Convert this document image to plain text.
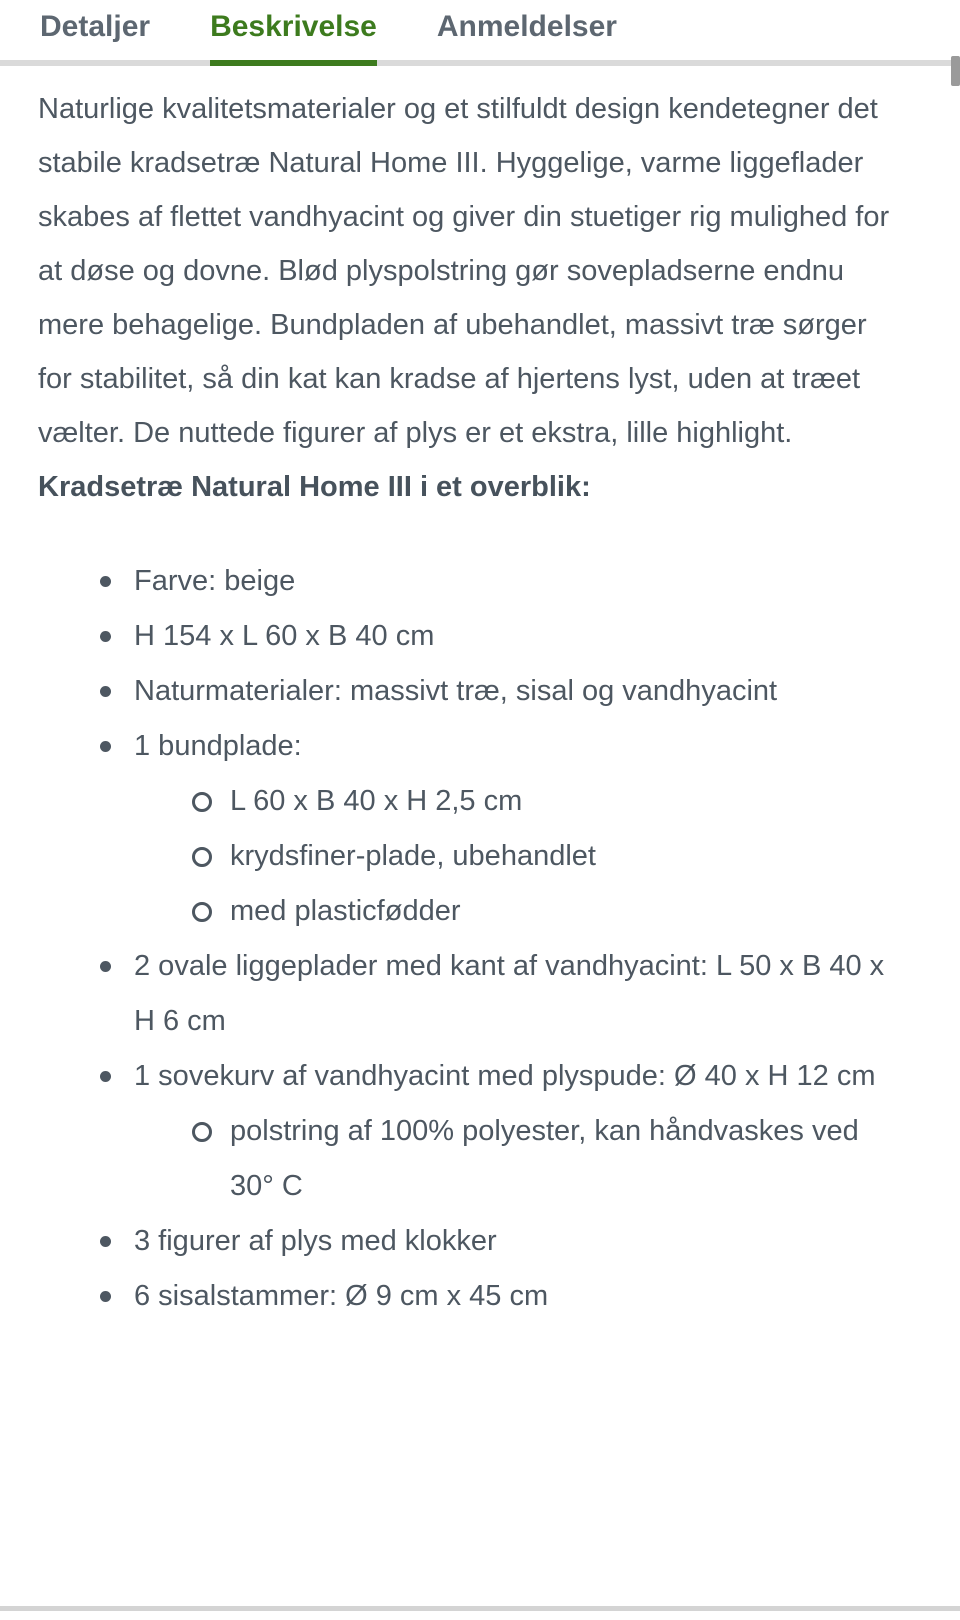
Detaljer Beskrivelse Anmeldelser
Naturlige kvalitetsmaterialer og et stilfuldt design kendetegner det stabile kradsetræ Natural Home III. Hyggelige, varme liggeflader skabes af flettet vandhyacint og giver din stuetiger rig mulighed for at døse og dovne. Blød plyspolstring gør sovepladserne endnu mere behagelige. Bundpladen af ubehandlet, massivt træ sørger for stabilitet, så din kat kan kradse af hjertens lyst, uden at træet vælter. De nuttede figurer af plys er et ekstra, lille highlight.
Kradsetræ Natural Home III i et overblik:
Farve: beige
H 154 x L 60 x B 40 cm
Naturmaterialer: massivt træ, sisal og vandhyacint
1 bundplade:
L 60 x B 40 x H 2,5 cm
krydsfiner-plade, ubehandlet
med plasticfødder
2 ovale liggeplader med kant af vandhyacint: L 50 x B 40 x H 6 cm
1 sovekurv af vandhyacint med plyspude: Ø 40 x H 12 cm
polstring af 100% polyester, kan håndvaskes ved 30° C
3 figurer af plys med klokker
6 sisalstammer: Ø 9 cm x 45 cm
